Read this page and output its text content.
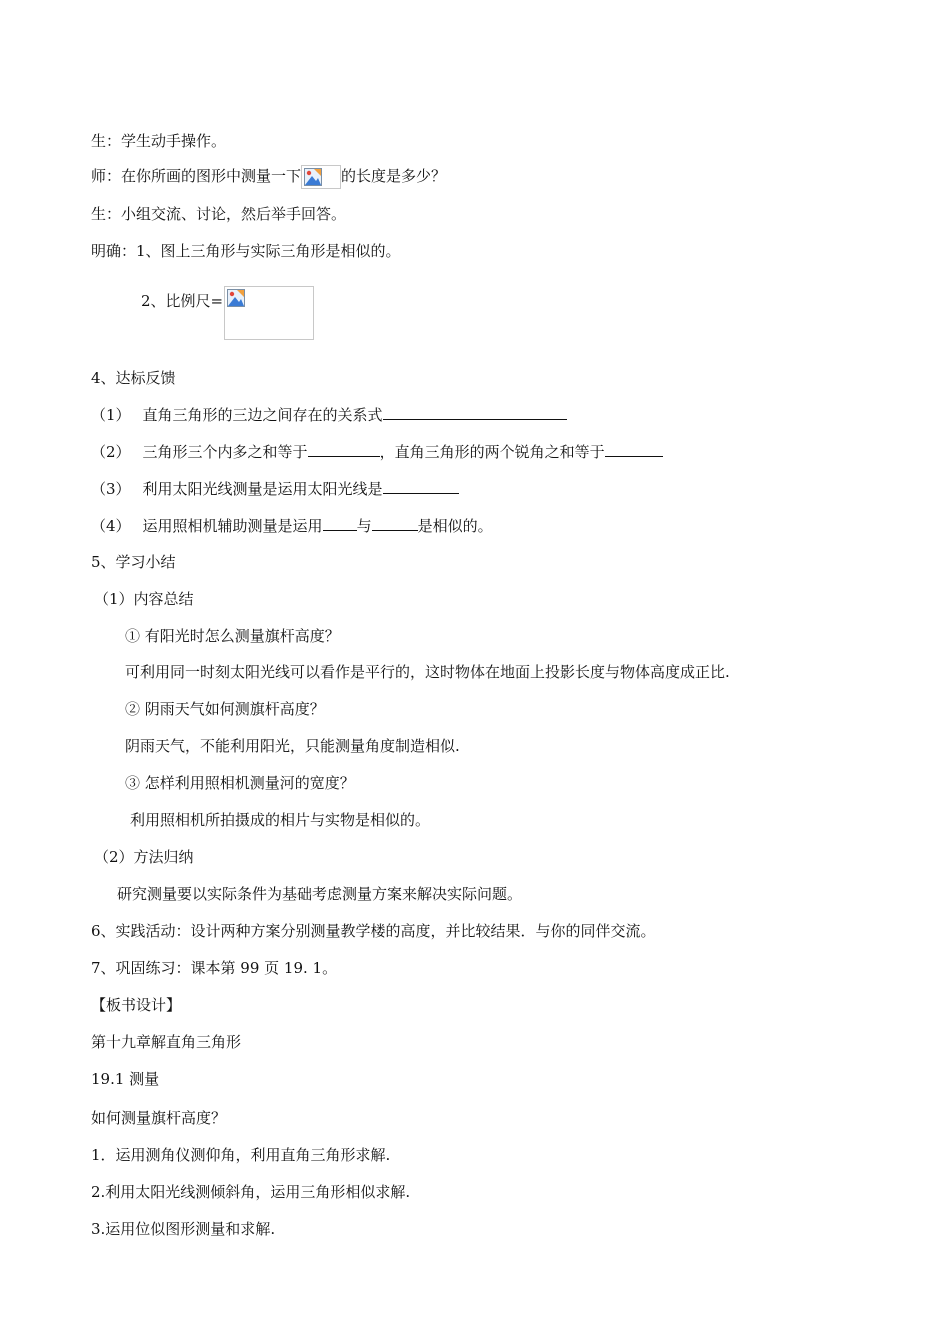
生：学生动手操作。
师：在你所画的图形中测量一下	的长度是多少？
生：小组交流、讨论，然后举手回答。
明确：1、图上三角形与实际三角形是相似的。
2、比例尺=
4、达标反馈
（1） 直角三角形的三边之间存在的关系式
（2） 三角形三个内多之和等于	，直角三角形的两个锐角之和等于
（3） 利用太阳光线测量是运用太阳光线是
（4） 运用照相机辅助测量是运用 与	是相似的。
5、学习小结
（1）内容总结
① 有阳光时怎么测量旗杆高度？
可利用同一时刻太阳光线可以看作是平行的，这时物体在地面上投影长度与物体高度成正比.
② 阴雨天气如何测旗杆高度？
阴雨天气，不能利用阳光，只能测量角度制造相似.
③ 怎样利用照相机测量河的宽度？
利用照相机所拍摄成的相片与实物是相似的。
（2）方法归纳
研究测量要以实际条件为基础考虑测量方案来解决实际问题。
6、实践活动：设计两种方案分别测量教学楼的高度，并比较结果．与你的同伴交流。
7、巩固练习：课本第 99 页 19. 1。
【板书设计】
第十九章解直角三角形
19.1 测量
如何测量旗杆高度？
1．运用测角仪测仰角，利用直角三角形求解.
2.利用太阳光线测倾斜角，运用三角形相似求解.
3.运用位似图形测量和求解.
